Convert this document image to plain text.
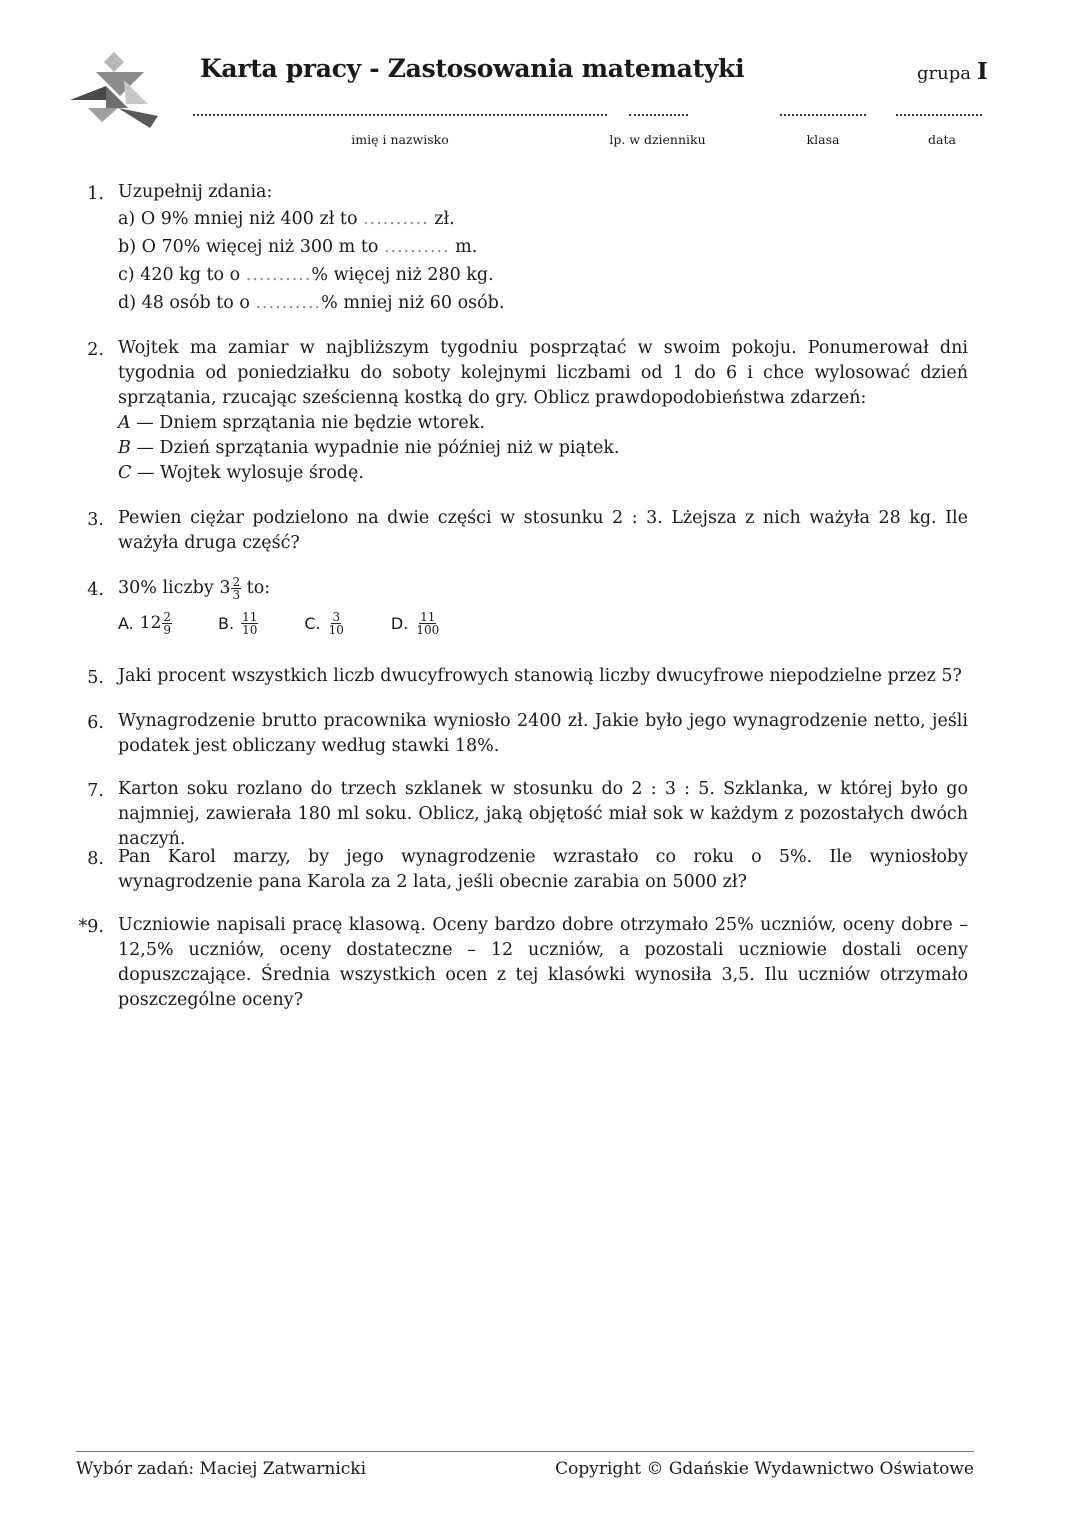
Karta pracy - Zastosowania matematyki	grupa I
imię i nazwisko	lp. w dzienniku	klasa	data
1. Uzupełnij zdania:
a) O 9% mniej niż 400 zł to .......... zł.
b) O 70% więcej niż 300 m to .......... m.
c) 420 kg to o ..........% więcej niż 280 kg.
d) 48 osób to o ..........% mniej niż 60 osób.
2. Wojtek ma zamiar w najbliższym tygodniu posprzątać w swoim pokoju. Ponumerował dni tygodnia od poniedziałku do soboty kolejnymi liczbami od 1 do 6 i chce wylosować dzień sprzątania, rzucając sześcienną kostką do gry. Oblicz prawdopodobieństwa zdarzeń:
A — Dniem sprzątania nie będzie wtorek.
B — Dzień sprzątania wypadnie nie później niż w piątek.
C — Wojtek wylosuje środę.
3. Pewien ciężar podzielono na dwie części w stosunku 2 : 3. Lżejsza z nich ważyła 28 kg. Ile ważyła druga część?
4. 30% liczby $3 \frac{2}{3}$ to:
A. $12 \frac{2}{9}$	B. $\frac{11}{10}$	C. $\frac{3}{10}$	D. $\frac{11}{100}$
5. Jaki procent wszystkich liczb dwucyfrowych stanowią liczby dwucyfrowe niepodzielne przez 5?
6. Wynagrodzenie brutto pracownika wyniosło 2400 zł. Jakie było jego wynagrodzenie netto, jeśli podatek jest obliczany według stawki 18%.
7. Karton soku rozlano do trzech szklanek w stosunku do 2 : 3 : 5. Szklanka, w której było go najmniej, zawierała 180 ml soku. Oblicz, jaką objętość miał sok w każdym z pozostałych dwóch naczyń.
8. Pan Karol marzy, by jego wynagrodzenie wzrastało co roku o 5%. Ile wyniosłoby wynagrodzenie pana Karola za 2 lata, jeśli obecnie zarabia on 5000 zł?
*9. Uczniowie napisali pracę klasową. Oceny bardzo dobre otrzymało 25% uczniów, oceny dobre – 12,5% uczniów, oceny dostateczne – 12 uczniów, a pozostali uczniowie dostali oceny dopuszczające. Średnia wszystkich ocen z tej klasówki wynosiła 3,5. Ilu uczniów otrzymało poszczególne oceny?
Wybór zadań: Maciej Zatwarnicki	Copyright © Gdańskie Wydawnictwo Oświatowe
